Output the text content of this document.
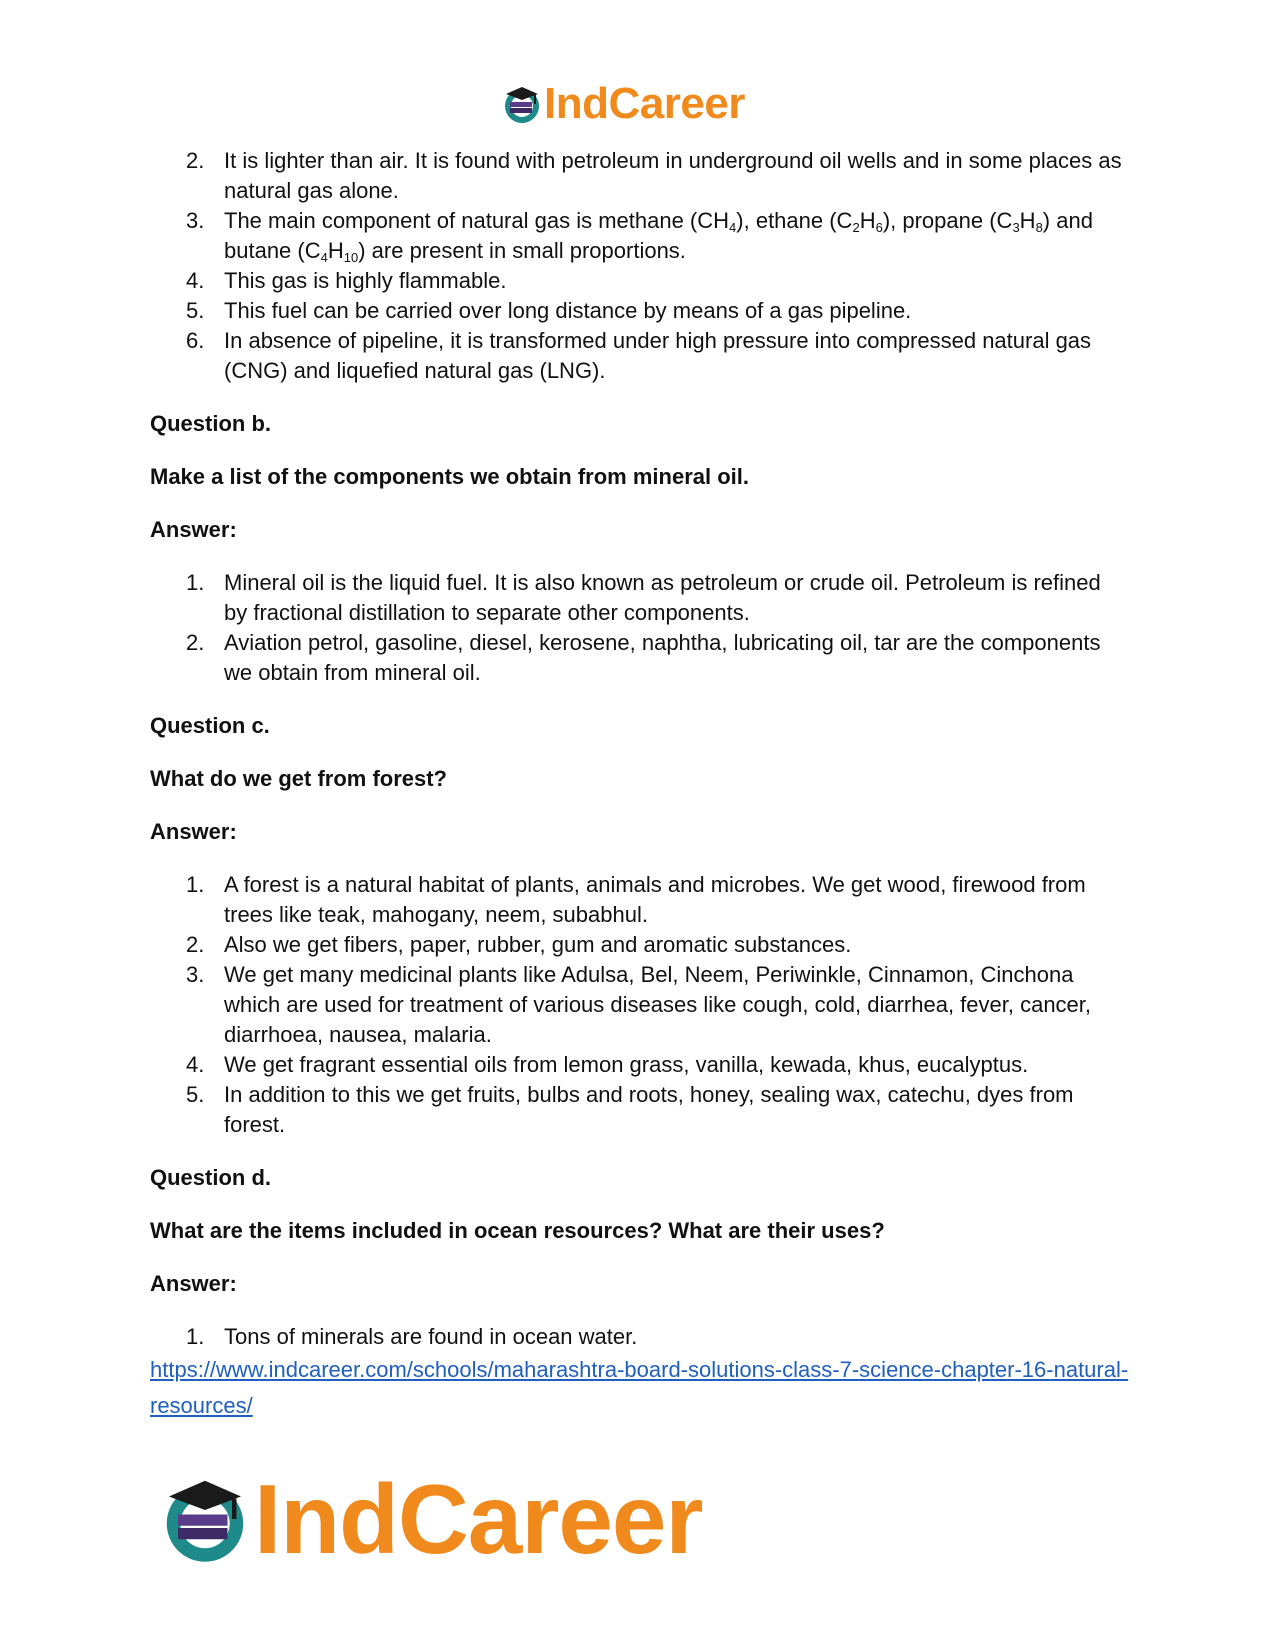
IndCareer
2. It is lighter than air. It is found with petroleum in underground oil wells and in some places as natural gas alone.
3. The main component of natural gas is methane $(CH_4)$, ethane $(C_2H_6)$, propane $(C_3H_8)$ and butane $(C_4H_{10})$ are present in small proportions.
4. This gas is highly flammable.
5. This fuel can be carried over long distance by means of a gas pipeline.
6. In absence of pipeline, it is transformed under high pressure into compressed natural gas (CNG) and liquefied natural gas (LNG).

Question b.

Make a list of the components we obtain from mineral oil.

Answer:

1. Mineral oil is the liquid fuel. It is also known as petroleum or crude oil. Petroleum is refined by fractional distillation to separate other components.
2. Aviation petrol, gasoline, diesel, kerosene, naphtha, lubricating oil, tar are the components we obtain from mineral oil.

Question c.

What do we get from forest?

Answer:

1. A forest is a natural habitat of plants, animals and microbes. We get wood, firewood from trees like teak, mahogany, neem, subabhul.
2. Also we get fibers, paper, rubber, gum and aromatic substances.
3. We get many medicinal plants like Adulsa, Bel, Neem, Periwinkle, Cinnamon, Cinchona which are used for treatment of various diseases like cough, cold, diarrhea, fever, cancer, diarrhoea, nausea, malaria.
4. We get fragrant essential oils from lemon grass, vanilla, kewada, khus, eucalyptus.
5. In addition to this we get fruits, bulbs and roots, honey, sealing wax, catechu, dyes from forest.

Question d.

What are the items included in ocean resources? What are their uses?

Answer:

1. Tons of minerals are found in ocean water.
https://www.indcareer.com/schools/maharashtra-board-solutions-class-7-science-chapter-16-natural-resources/
IndCareer
